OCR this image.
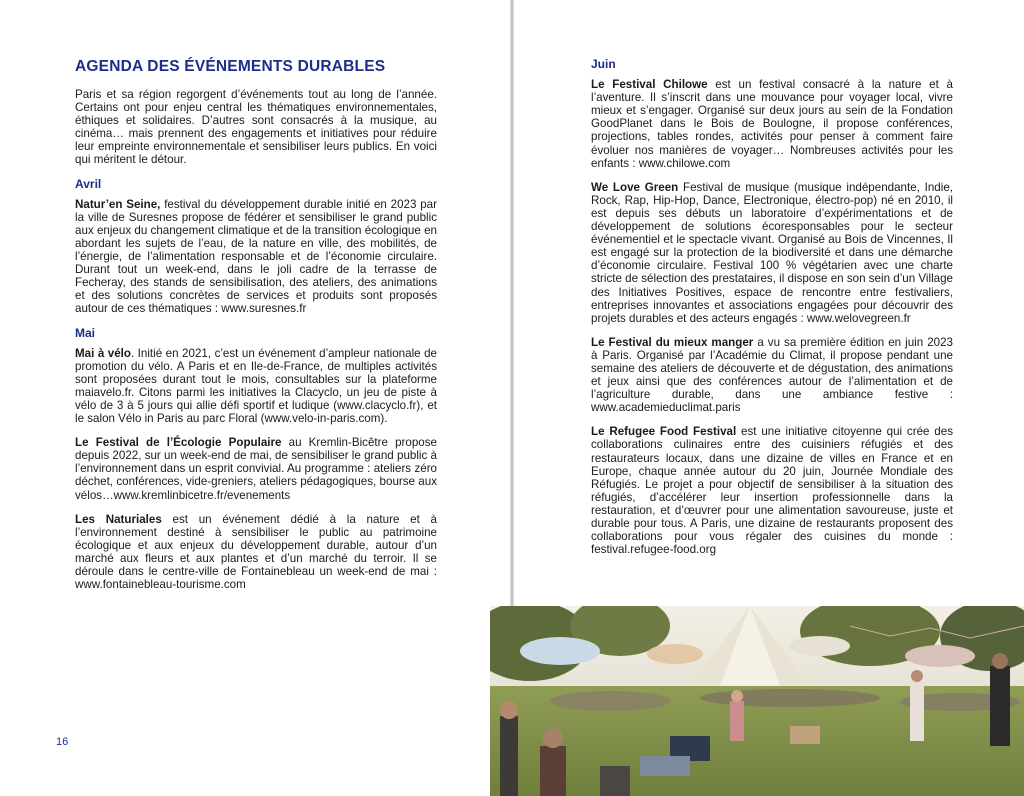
AGENDA DES ÉVÉNEMENTS DURABLES

Paris et sa région regorgent d’événements tout au long de l’année. Certains ont pour enjeu central les thématiques environnementales, éthiques et solidaires. D’autres sont consacrés à la musique, au cinéma… mais prennent des engagements et initiatives pour réduire leur empreinte environnementale et sensibiliser leurs publics. En voici qui méritent le détour.

Avril

Natur’en Seine, festival du développement durable initié en 2023 par la ville de Suresnes propose de fédérer et sensibiliser le grand public aux enjeux du changement climatique et de la transition écologique en abordant les sujets de l’eau, de la nature en ville, des mobilités, de l’énergie, de l’alimentation responsable et de l’économie circulaire. Durant tout un week-end, dans le joli cadre de la terrasse de Fecheray, des stands de sensibilisation, des ateliers, des animations et des solutions concrètes de services et produits sont proposés autour de ces thématiques : www.suresnes.fr

Mai

Mai à vélo. Initié en 2021, c’est un événement d’ampleur nationale de promotion du vélo. A Paris et en Ile-de-France, de multiples activités sont proposées durant tout le mois, consultables sur la plateforme maiavelo.fr. Citons parmi les initiatives la Clacyclo, un jeu de piste à vélo de 3 à 5 jours qui allie défi sportif et ludique (www.clacyclo.fr), et le salon Vélo in Paris au parc Floral (www.velo-in-paris.com).

Le Festival de l’Écologie Populaire au Kremlin-Bicêtre propose depuis 2022, sur un week-end de mai, de sensibiliser le grand public à l’environnement dans un esprit convivial. Au programme : ateliers zéro déchet, conférences, vide-greniers, ateliers pédagogiques, bourse aux vélos…www.kremlinbicetre.fr/evenements

Les Naturiales est un événement dédié à la nature et à l’environnement destiné à sensibiliser le public au patrimoine écologique et aux enjeux du développement durable, autour d’un marché aux fleurs et aux plantes et d’un marché du terroir. Il se déroule dans le centre-ville de Fontainebleau un week-end de mai : www.fontainebleau-tourisme.com

16
Juin

Le Festival Chilowe est un festival consacré à la nature et à l’aventure. Il s’inscrit dans une mouvance pour voyager local, vivre mieux et s’engager. Organisé sur deux jours au sein de la Fondation GoodPlanet dans le Bois de Boulogne, il propose conférences, projections, tables rondes, activités pour penser à comment faire évoluer nos manières de voyager… Nombreuses activités pour les enfants : www.chilowe.com

We Love Green Festival de musique (musique indépendante, Indie, Rock, Rap, Hip-Hop, Dance, Electronique, électro-pop) né en 2010, il est depuis ses débuts un laboratoire d’expérimentations et de développement de solutions écoresponsables pour le secteur événementiel et le spectacle vivant. Organisé au Bois de Vincennes, Il est engagé sur la protection de la biodiversité et dans une démarche d’économie circulaire. Festival 100 % végétarien avec une charte stricte de sélection des prestataires, il dispose en son sein d’un Village des Initiatives Positives, espace de rencontre entre festivaliers, entreprises innovantes et associations engagées pour découvrir des projets durables et des acteurs engagés : www.welovegreen.fr

Le Festival du mieux manger a vu sa première édition en juin 2023 à Paris. Organisé par l’Académie du Climat, il propose pendant une semaine des ateliers de découverte et de dégustation, des animations et jeux ainsi que des conférences autour de l’alimentation et de l’agriculture durable, dans une ambiance festive : www.academieduclimat.paris

Le Refugee Food Festival est une initiative citoyenne qui crée des collaborations culinaires entre des cuisiniers réfugiés et des restaurateurs locaux, dans une dizaine de villes en France et en Europe, chaque année autour du 20 juin, Journée Mondiale des Réfugiés. Le projet a pour objectif de sensibiliser à la situation des réfugiés, d’accélérer leur insertion professionnelle dans la restauration, et d’œuvrer pour une alimentation savoureuse, juste et durable pour tous. A Paris, une dizaine de restaurants proposent des collaborations pour vous régaler des cuisines du monde : festival.refugee-food.org
